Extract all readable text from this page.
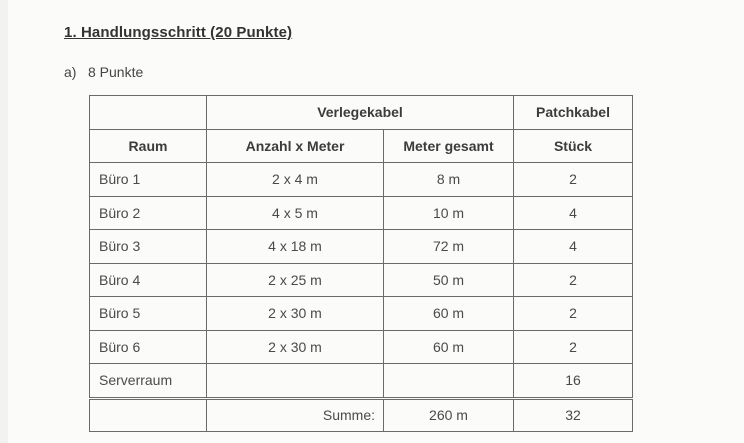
1. Handlungsschritt (20 Punkte)
a) 8 Punkte
	Verlegekabel		Patchkabel
Raum	Anzahl x Meter	Meter gesamt	Stück
Büro 1	2 x 4 m	8 m	2
Büro 2	4 x 5 m	10 m	4
Büro 3	4 x 18 m	72 m	4
Büro 4	2 x 25 m	50 m	2
Büro 5	2 x 30 m	60 m	2
Büro 6	2 x 30 m	60 m	2
Serverraum			16
	Summe:	260 m	32
